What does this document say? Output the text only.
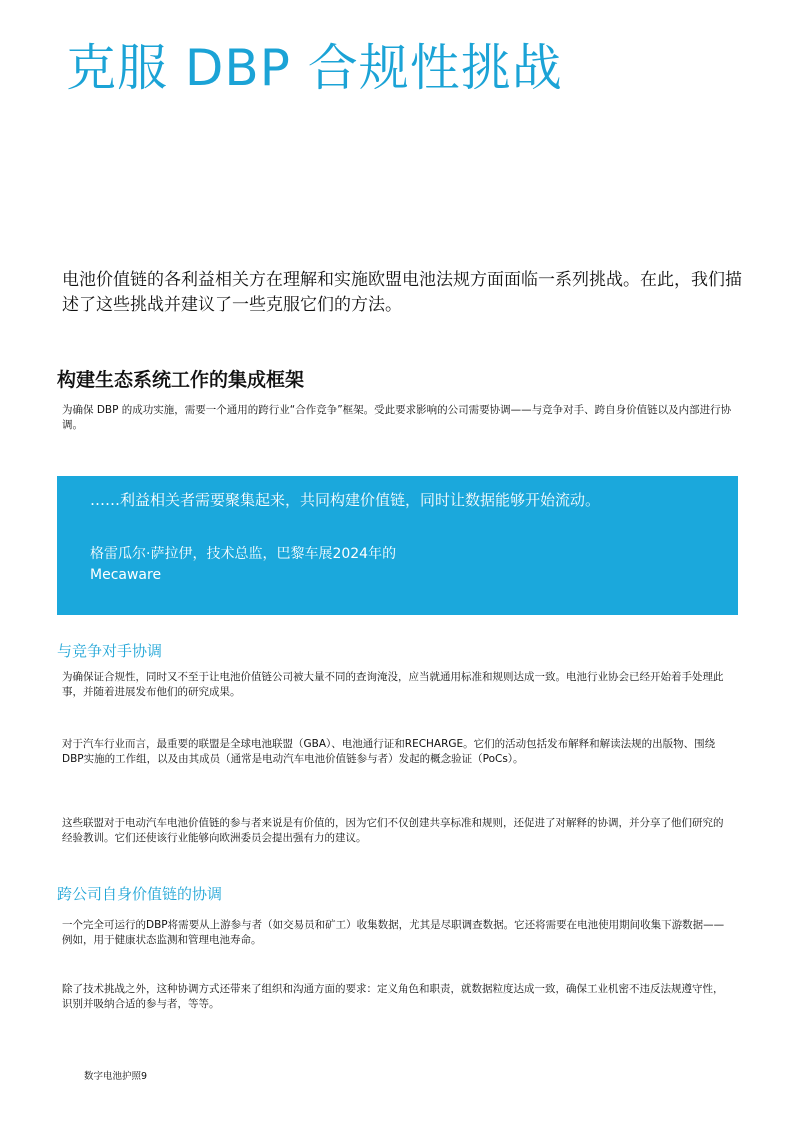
克服 DBP 合规性挑战

电池价值链的各利益相关方在理解和实施欧盟电池法规方面面临一系列挑战。在此，我们描述了这些挑战并建议了一些克服它们的方法。

构建生态系统工作的集成框架

为确保 DBP 的成功实施，需要一个通用的跨行业“合作竞争”框架。受此要求影响的公司需要协调——与竞争对手、跨自身价值链以及内部进行协调。

……利益相关者需要聚集起来，共同构建价值链，同时让数据能够开始流动。

格雷瓜尔·萨拉伊，技术总监，巴黎车展2024年的
Mecaware

与竞争对手协调

为确保证合规性，同时又不至于让电池价值链公司被大量不同的查询淹没，应当就通用标准和规则达成一致。电池行业协会已经开始着手处理此事，并随着进展发布他们的研究成果。

对于汽车行业而言，最重要的联盟是全球电池联盟（GBA）、电池通行证和RECHARGE。它们的活动包括发布解释和解读法规的出版物、围绕DBP实施的工作组，以及由其成员（通常是电动汽车电池价值链参与者）发起的概念验证（PoCs）。

这些联盟对于电动汽车电池价值链的参与者来说是有价值的，因为它们不仅创建共享标准和规则，还促进了对解释的协调，并分享了他们研究的经验教训。它们还使该行业能够向欧洲委员会提出强有力的建议。

跨公司自身价值链的协调

一个完全可运行的DBP将需要从上游参与者（如交易员和矿工）收集数据，尤其是尽职调查数据。它还将需要在电池使用期间收集下游数据——例如，用于健康状态监测和管理电池寿命。

除了技术挑战之外，这种协调方式还带来了组织和沟通方面的要求：定义角色和职责，就数据粒度达成一致，确保工业机密不违反法规遵守性，识别并吸纳合适的参与者，等等。

数字电池护照9
